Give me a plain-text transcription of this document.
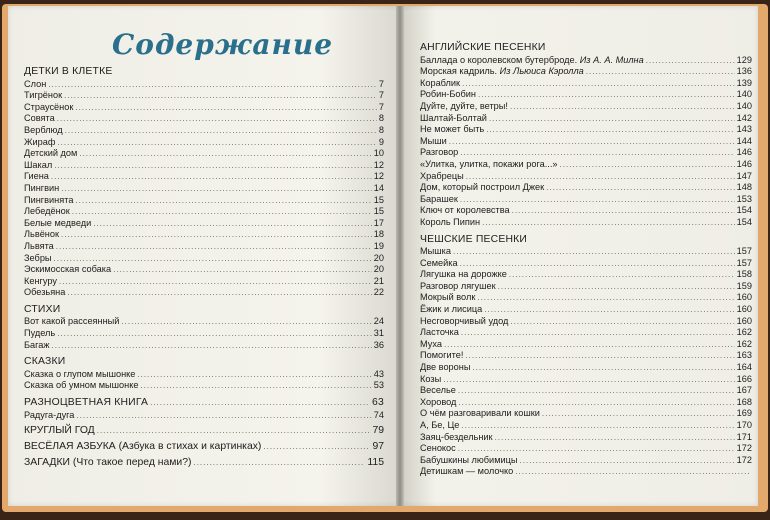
Содержание
ДЕТКИ В КЛЕТКЕ
Слон .....	7
Тигрёнок .....	7
Страусёнок .....	7
Совята .....	8
Верблюд .....	8
Жираф .....	9
Детский дом .....	10
Шакал .....	12
Гиена .....	12
Пингвин .....	14
Пингвинята .....	15
Лебедёнок .....	15
Белые медведи .....	17
Львёнок .....	18
Львята .....	19
Зебры .....	20
Эскимосская собака .....	20
Кенгуру .....	21
Обезьяна .....	22
СТИХИ
Вот какой рассеянный .....	24
Пудель .....	31
Багаж .....	36
СКАЗКИ
Сказка о глупом мышонке .....	43
Сказка об умном мышонке .....	53
РАЗНОЦВЕТНАЯ КНИГА .....	63
Радуга-дуга .....	74
КРУГЛЫЙ ГОД .....	79
ВЕСЁЛАЯ АЗБУКА (Азбука в стихах и картинках) .....	97
ЗАГАДКИ (Что такое перед нами?) .....	115
АНГЛИЙСКИЕ ПЕСЕНКИ
Баллада о королевском бутерброде. Из А. А. Милна .....	129
Морская кадриль. Из Льюиса Кэролла .....	136
Кораблик .....	139
Робин-Бобин .....	140
Дуйте, дуйте, ветры! .....	140
Шалтай-Болтай .....	142
Не может быть .....	143
Мыши .....	144
Разговор .....	146
«Улитка, улитка, покажи рога...» .....	146
Храбрецы .....	147
Дом, который построил Джек .....	148
Барашек .....	153
Ключ от королевства .....	154
Король Пипин .....	154
ЧЕШСКИЕ ПЕСЕНКИ
Мышка .....	157
Семейка .....	157
Лягушка на дорожке .....	158
Разговор лягушек .....	159
Мокрый волк .....	160
Ёжик и лисица .....	160
Несговорчивый удод .....	160
Ласточка .....	162
Муха .....	162
Помогите! .....	163
Две вороны .....	164
Козы .....	166
Веселье .....	167
Хоровод .....	168
О чём разговаривали кошки .....	169
А, Бе, Це .....	170
Заяц-бездельник .....	171
Сенокос .....	172
Бабушкины любимицы .....	172
Детишкам — молочко
.....
